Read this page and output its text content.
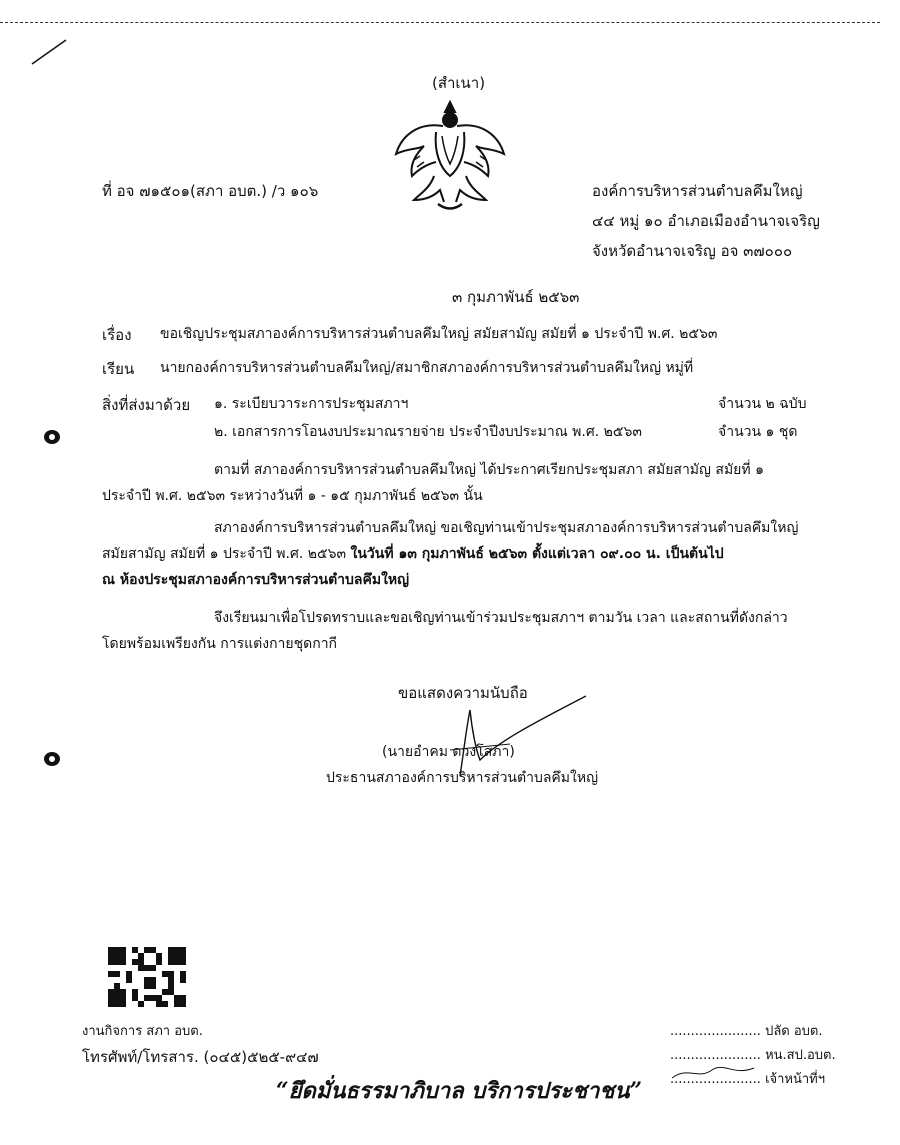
(สำเนา)
ที่ อจ ๗๑๕๐๑(สภา อบต.) /ว ๑๐๖	องค์การบริหารส่วนตำบลคึมใหญ่
๔๔ หมู่ ๑๐ อำเภอเมืองอำนาจเจริญ
จังหวัดอำนาจเจริญ อจ ๓๗๐๐๐
๓ กุมภาพันธ์ ๒๕๖๓
เรื่อง ขอเชิญประชุมสภาองค์การบริหารส่วนตำบลคึมใหญ่ สมัยสามัญ สมัยที่ ๑ ประจำปี พ.ศ. ๒๕๖๓
เรียน นายกองค์การบริหารส่วนตำบลคึมใหญ่/สมาชิกสภาองค์การบริหารส่วนตำบลคึมใหญ่ หมู่ที่
สิ่งที่ส่งมาด้วย ๑. ระเบียบวาระการประชุมสภาฯ	จำนวน ๒ ฉบับ
๒. เอกสารการโอนงบประมาณรายจ่าย ประจำปีงบประมาณ พ.ศ. ๒๕๖๓	จำนวน ๑ ชุด
ตามที่ สภาองค์การบริหารส่วนตำบลคึมใหญ่ ได้ประกาศเรียกประชุมสภา สมัยสามัญ สมัยที่ ๑
ประจำปี พ.ศ. ๒๕๖๓ ระหว่างวันที่ ๑ - ๑๕ กุมภาพันธ์ ๒๕๖๓ นั้น
สภาองค์การบริหารส่วนตำบลคึมใหญ่ ขอเชิญท่านเข้าประชุมสภาองค์การบริหารส่วนตำบลคึมใหญ่
สมัยสามัญ สมัยที่ ๑ ประจำปี พ.ศ. ๒๕๖๓ ในวันที่ ๑๓ กุมภาพันธ์ ๒๕๖๓ ตั้งแต่เวลา ๐๙.๐๐ น. เป็นต้นไป
ณ ห้องประชุมสภาองค์การบริหารส่วนตำบลคึมใหญ่
จึงเรียนมาเพื่อโปรดทราบและขอเชิญท่านเข้าร่วมประชุมสภาฯ ตามวัน เวลา และสถานที่ดังกล่าว
โดยพร้อมเพรียงกัน การแต่งกายชุดกากี
ขอแสดงความนับถือ
(นายอำคม ดวงโสภา)
ประธานสภาองค์การบริหารส่วนตำบลคึมใหญ่
งานกิจการ สภา อบต.
โทรศัพท์/โทรสาร. (๐๔๕)๕๒๕-๙๔๗
“ยึดมั่นธรรมาภิบาล บริการประชาชน”
...................... ปลัด อบต.
...................... หน.สป.อบต.
...................... เจ้าหน้าที่ฯ
